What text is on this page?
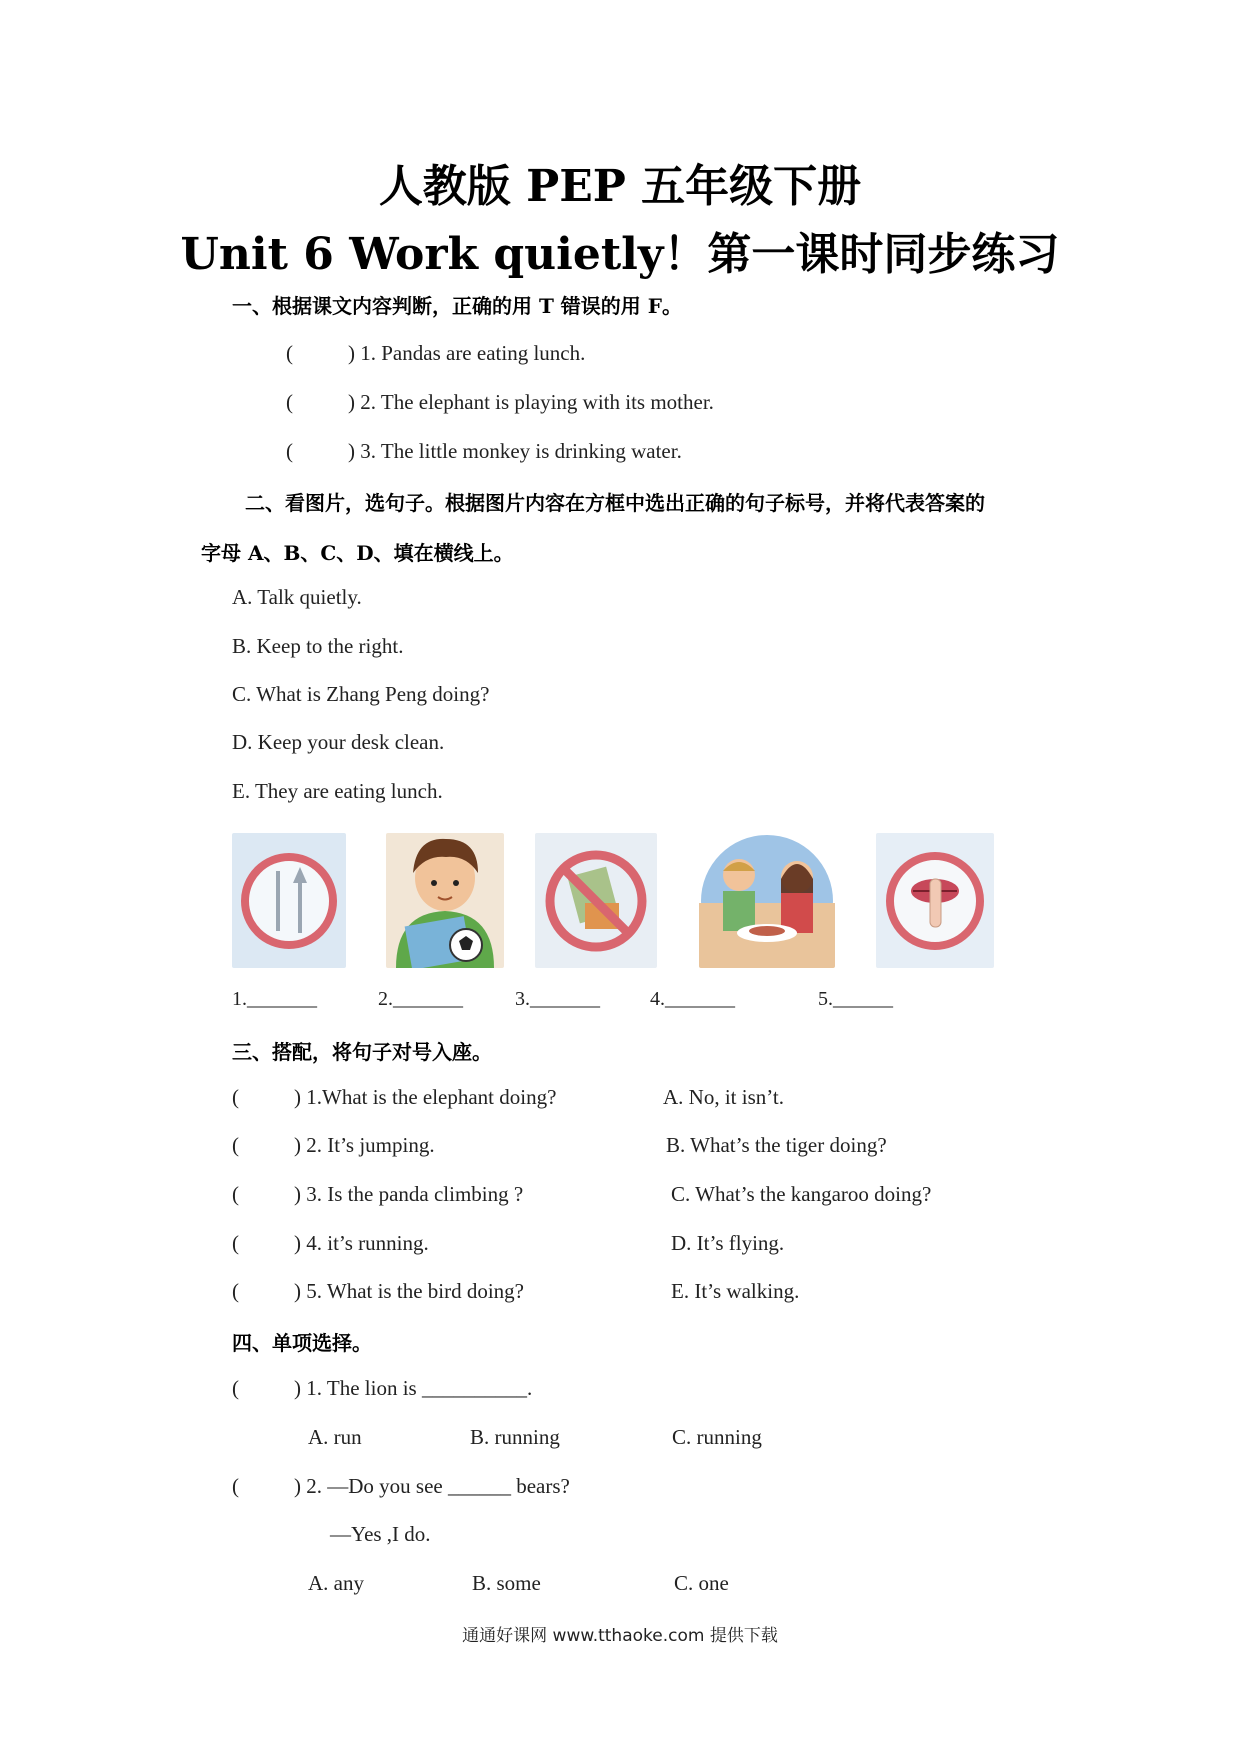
人教版 PEP 五年级下册
Unit 6 Work quietly！第一课时同步练习
一、根据课文内容判断，正确的用 T 错误的用 F。
(	) 1. Pandas are eating lunch.
(	) 2. The elephant is playing with its mother.
(	) 3. The little monkey is drinking water.
二、看图片，选句子。根据图片内容在方框中选出正确的句子标号，并将代表答案的
字母 A、B、C、D、填在横线上。
A. Talk quietly.
B. Keep to the right.
C. What is Zhang Peng doing?
D. Keep your desk clean.
E. They are eating lunch.
1._______	2._______	3._______	4._______	5.______
三、搭配，将句子对号入座。
(	) 1.What is the elephant doing?	A. No, it isn’t.
(	) 2. It’s jumping.	B. What’s the tiger doing?
(	) 3. Is the panda climbing ?	C. What’s the kangaroo doing?
(	) 4. it’s running.	D. It’s flying.
(	) 5. What is the bird doing?	E. It’s walking.
四、单项选择。
(	) 1. The lion is __________.
A. run	B. running	C. running
(	) 2. —Do you see ______ bears?
—Yes ,I do.
A. any	B. some	C. one
通通好课网 www.tthaoke.com 提供下载
